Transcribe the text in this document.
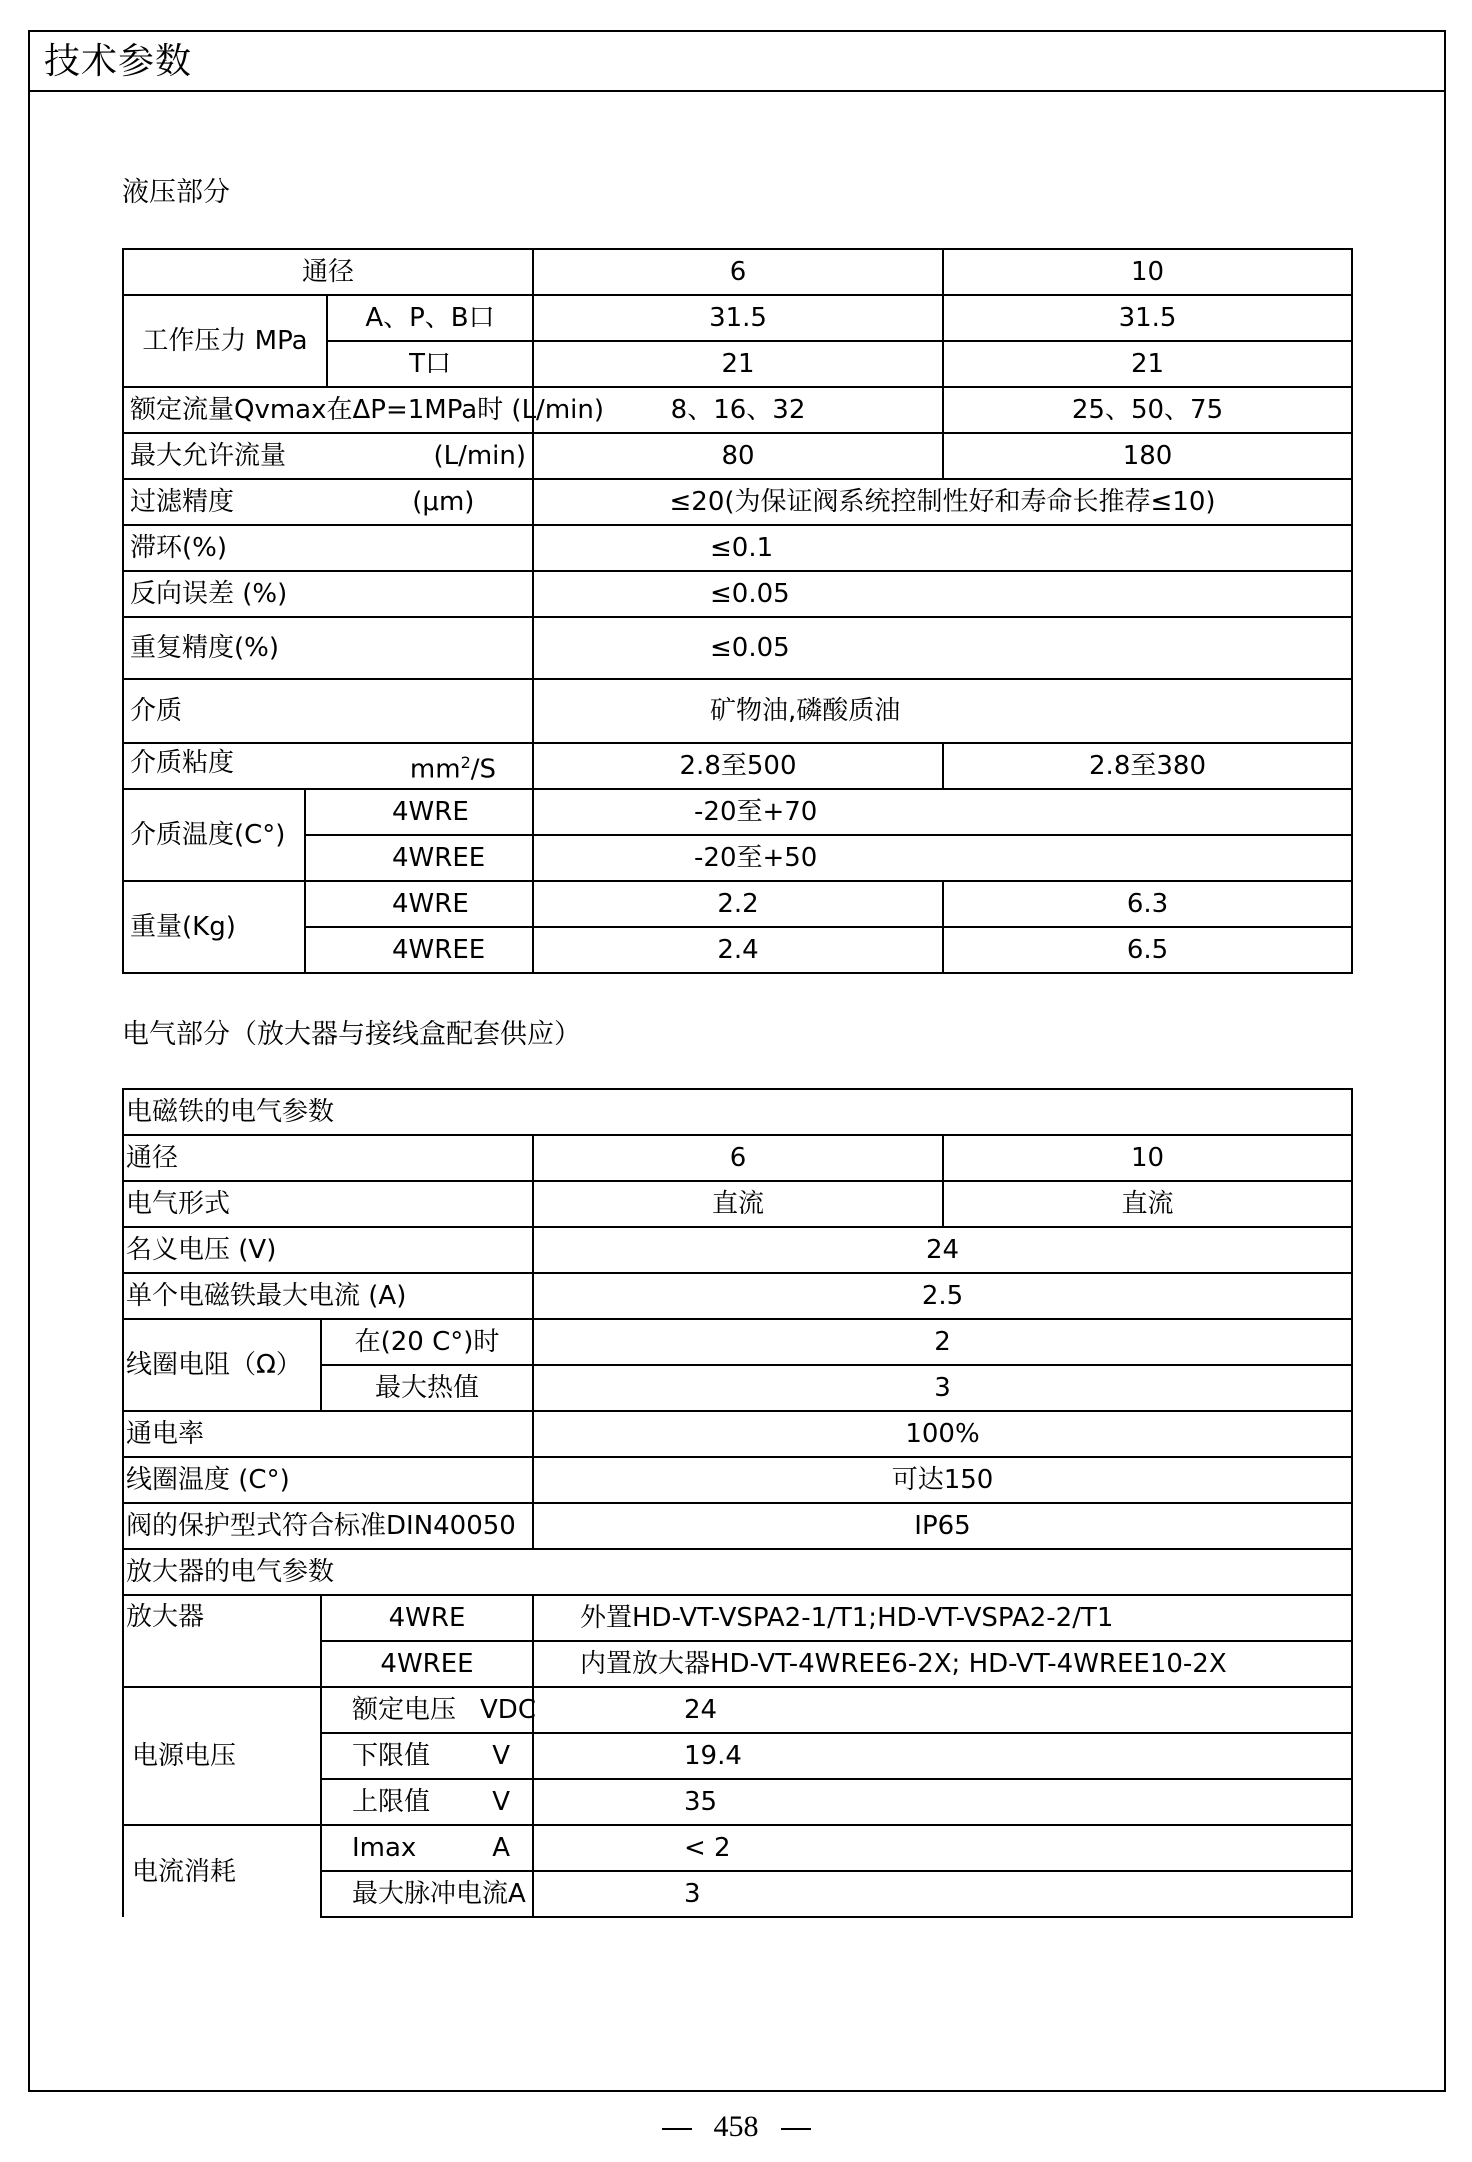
技术参数
液压部分
通径			6	10
工作压力 MPa		A、P、B口	31.5	31.5
		T口	21	21
额定流量Qvmax在ΔP=1MPa时 (L/min)			8、16、32	25、50、75

最大允许流量 (L/min)			80	180
过滤精度 (μm)			≤20(为保证阀系统控制性好和寿命长推荐≤10)	
滞环(%)			≤0.1	
反向误差 (%)			≤0.05	
重复精度(%)			≤0.05	
介质			矿物油,磷酸质油	

介质粘度 $mm^2/S$			2.8至500	2.8至380
介质温度(C°)	4WRE		-20至+70	
	4WREE		-20至+50	
重量(Kg)	4WRE		2.2	6.3
	4WREE		2.4	6.5
电气部分（放大器与接线盒配套供应）
电磁铁的电气参数			
通径		6	10
电气形式		直流	直流
名义电压 (V)		24	
单个电磁铁最大电流 (A)		2.5	
线圈电阻（Ω）	在(20 C°)时	2	
	最大热值	3	
通电率		100%	
线圈温度 (C°)		可达150	
阀的保护型式符合标准DIN40050		IP65	
放大器的电气参数			
放大器	4WRE	外置HD-VT-VSPA2-1/T1;HD-VT-VSPA2-2/T1	
	4WREE	内置放大器HD-VT-4WREE6-2X; HD-VT-4WREE10-2X	
电源电压	额定电压 VDC	24	

	下限值 V	19.4	

	上限值 V	35	
电流消耗	Imax A	< 2	

	最大脉冲电流 A	3	
458
